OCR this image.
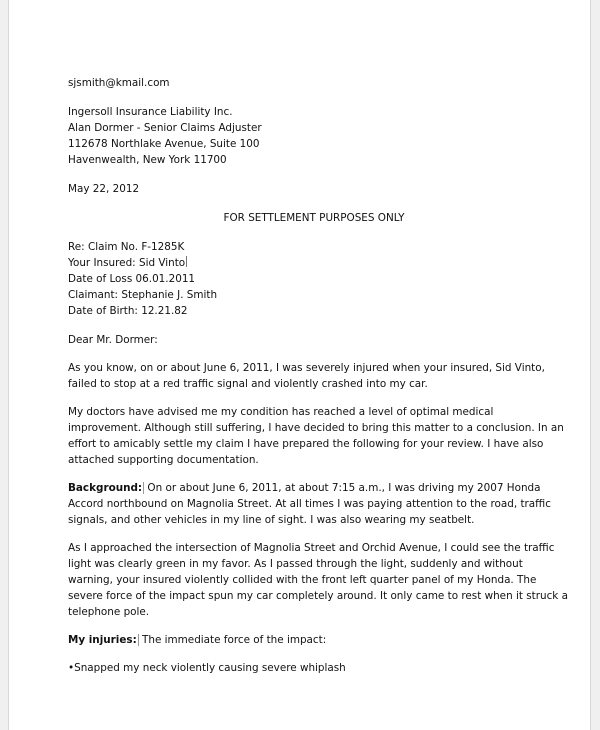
sjsmith@kmail.com

Ingersoll Insurance Liability Inc.

Alan Dormer - Senior Claims Adjuster

112678 Northlake Avenue, Suite 100

Havenwealth, New York 11700

May 22, 2012

FOR SETTLEMENT PURPOSES ONLY

Re: Claim No. F-1285K

Your Insured: Sid Vinto

Date of Loss 06.01.2011

Claimant: Stephanie J. Smith

Date of Birth: 12.21.82

Dear Mr. Dormer:

As you know, on or about June 6, 2011, I was severely injured when your insured, Sid Vinto, failed to stop at a red traffic signal and violently crashed into my car.

My doctors have advised me my condition has reached a level of optimal medical improvement. Although still suffering, I have decided to bring this matter to a conclusion. In an effort to amicably settle my claim I have prepared the following for your review. I have also attached supporting documentation.

Background: On or about June 6, 2011, at about 7:15 a.m., I was driving my 2007 Honda Accord northbound on Magnolia Street. At all times I was paying attention to the road, traffic signals, and other vehicles in my line of sight. I was also wearing my seatbelt.

As I approached the intersection of Magnolia Street and Orchid Avenue, I could see the traffic light was clearly green in my favor. As I passed through the light, suddenly and without warning, your insured violently collided with the front left quarter panel of my Honda. The severe force of the impact spun my car completely around. It only came to rest when it struck a telephone pole.

My injuries: The immediate force of the impact:

•Snapped my neck violently causing severe whiplash
